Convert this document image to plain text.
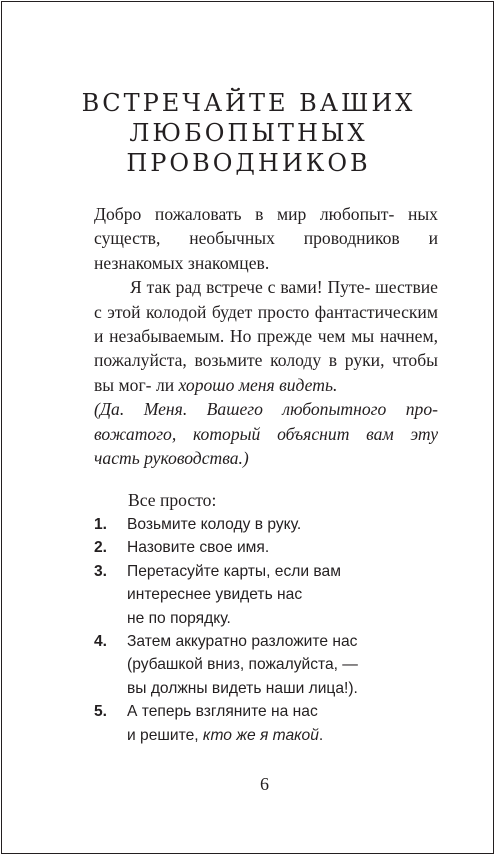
ВСТРЕЧАЙТЕ ВАШИХ
ЛЮБОПЫТНЫХ
ПРОВОДНИКОВ

Добро пожаловать в мир любопыт- ных существ, необычных проводников и незнакомых знакомцев.

Я так рад встрече с вами! Путе- шествие с этой колодой будет просто фантастическим и незабываемым. Но прежде чем мы начнем, пожалуйста, возьмите колоду в руки, чтобы вы мог- ли хорошо меня видеть.

(Да. Меня. Вашего любопытного про- вожатого, который объяснит вам эту часть руководства.)

Все просто:

1. Возьмите колоду в руку.
2. Назовите свое имя.
3. Перетасуйте карты, если вам
интереснее увидеть нас
не по порядку.
4. Затем аккуратно разложите нас
(рубашкой вниз, пожалуйста, —
вы должны видеть наши лица!).
5. А теперь взгляните на нас
и решите, кто же я такой.
6
